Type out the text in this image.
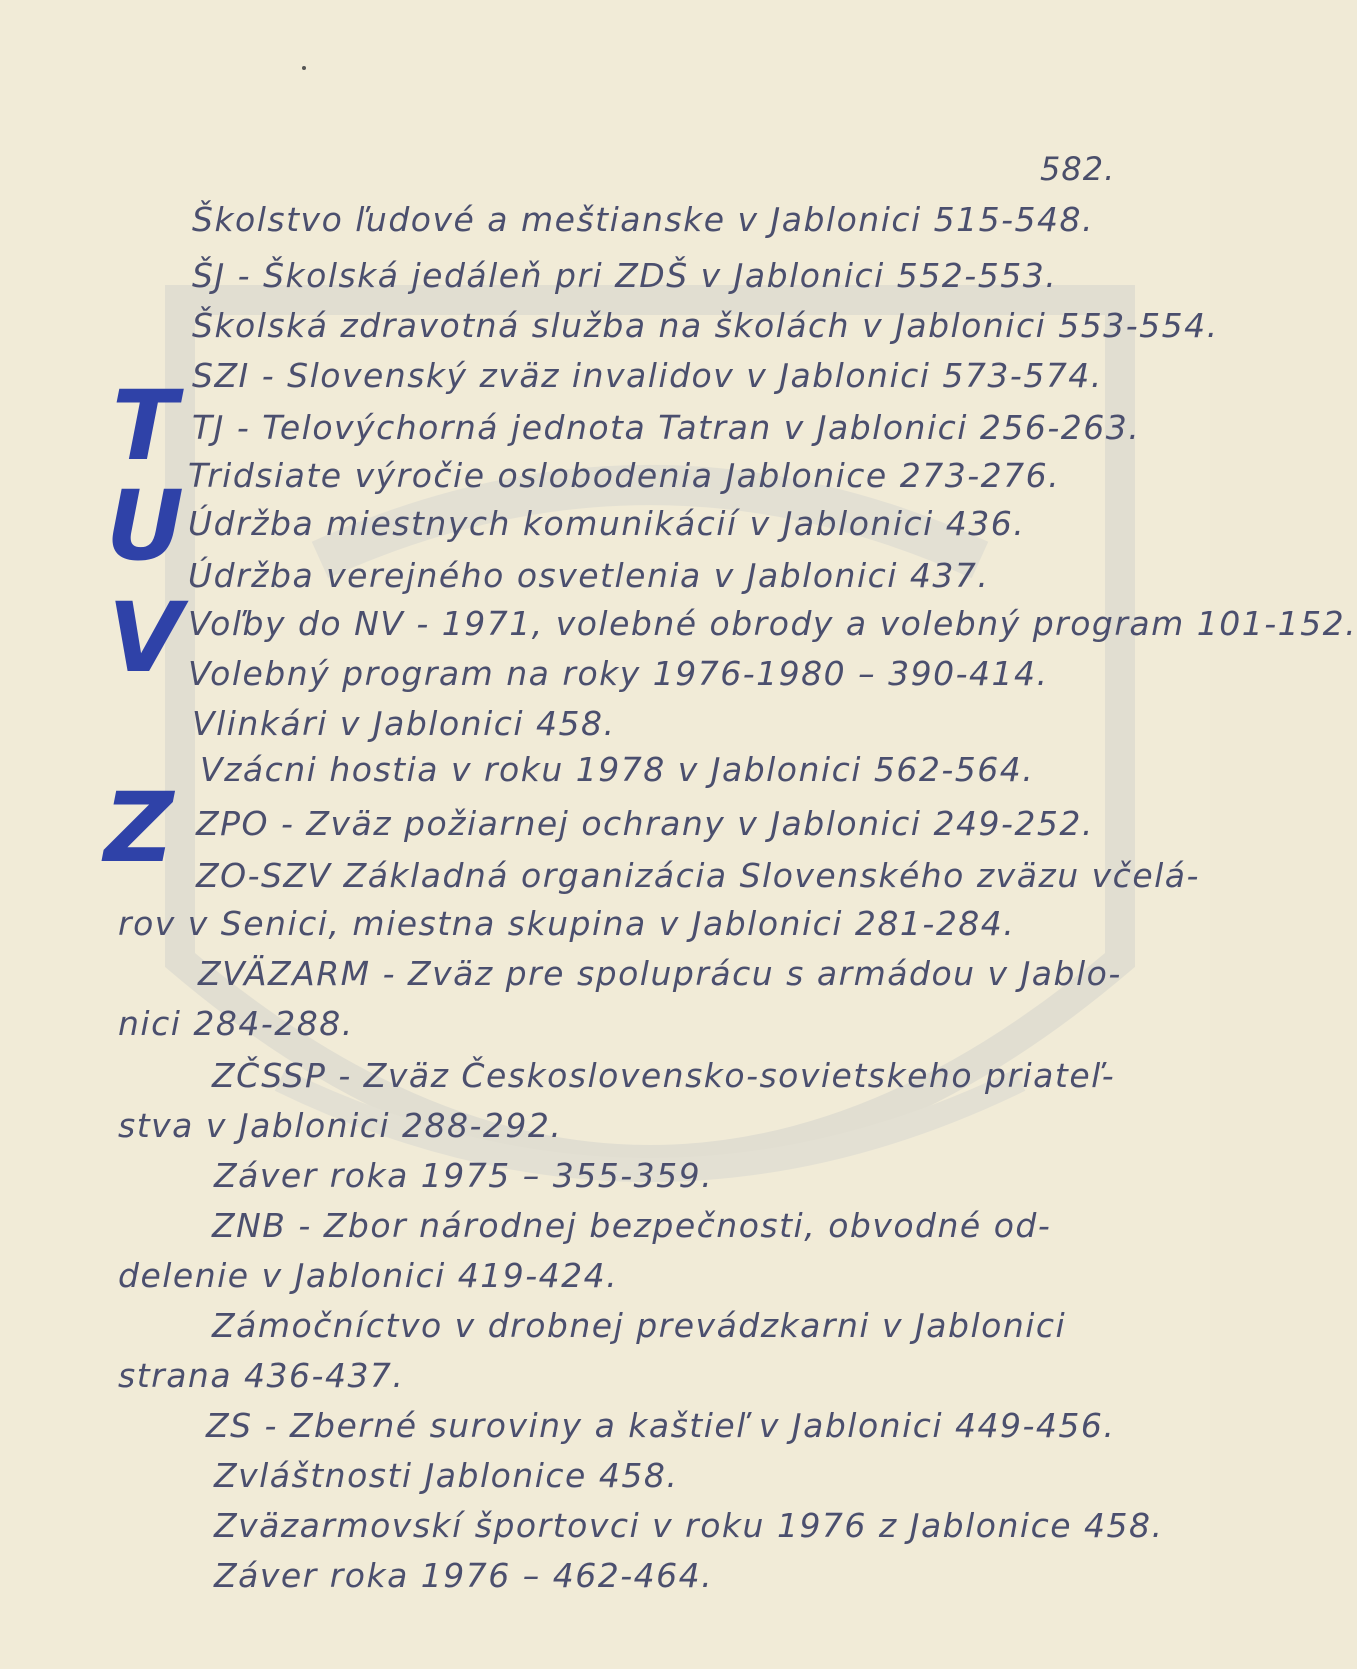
582.
T
U
V
Z
Školstvo ľudové a meštianske v Jablonici 515-548.
ŠJ - Školská jedáleň pri ZDŠ v Jablonici 552-553.
Školská zdravotná služba na školách v Jablonici 553-554.
SZI - Slovenský zväz invalidov v Jablonici 573-574.
TJ - Telovýchorná jednota Tatran v Jablonici 256-263.
Tridsiate výročie oslobodenia Jablonice 273-276.
Údržba miestnych komunikácií v Jablonici 436.
Údržba verejného osvetlenia v Jablonici 437.
Voľby do NV - 1971, volebné obrody a volebný program 101-152.
Volebný program na roky 1976-1980 – 390-414.
Vlinkári v Jablonici 458.
Vzácni hostia v roku 1978 v Jablonici 562-564.
ZPO - Zväz požiarnej ochrany v Jablonici 249-252.
ZO-SZV Základná organizácia Slovenského zväzu včelá-
rov v Senici, miestna skupina v Jablonici 281-284.
ZVÄZARM - Zväz pre spoluprácu s armádou v Jablo-
nici 284-288.
ZČSSP - Zväz Československo-sovietskeho priateľ-
stva v Jablonici 288-292.
Záver roka 1975 – 355-359.
ZNB - Zbor národnej bezpečnosti, obvodné od-
delenie v Jablonici 419-424.
Zámočníctvo v drobnej prevádzkarni v Jablonici
strana 436-437.
ZS - Zberné suroviny a kaštieľ v Jablonici 449-456.
Zvláštnosti Jablonice 458.
Zväzarmovskí športovci v roku 1976 z Jablonice 458.
Záver roka 1976 – 462-464.
